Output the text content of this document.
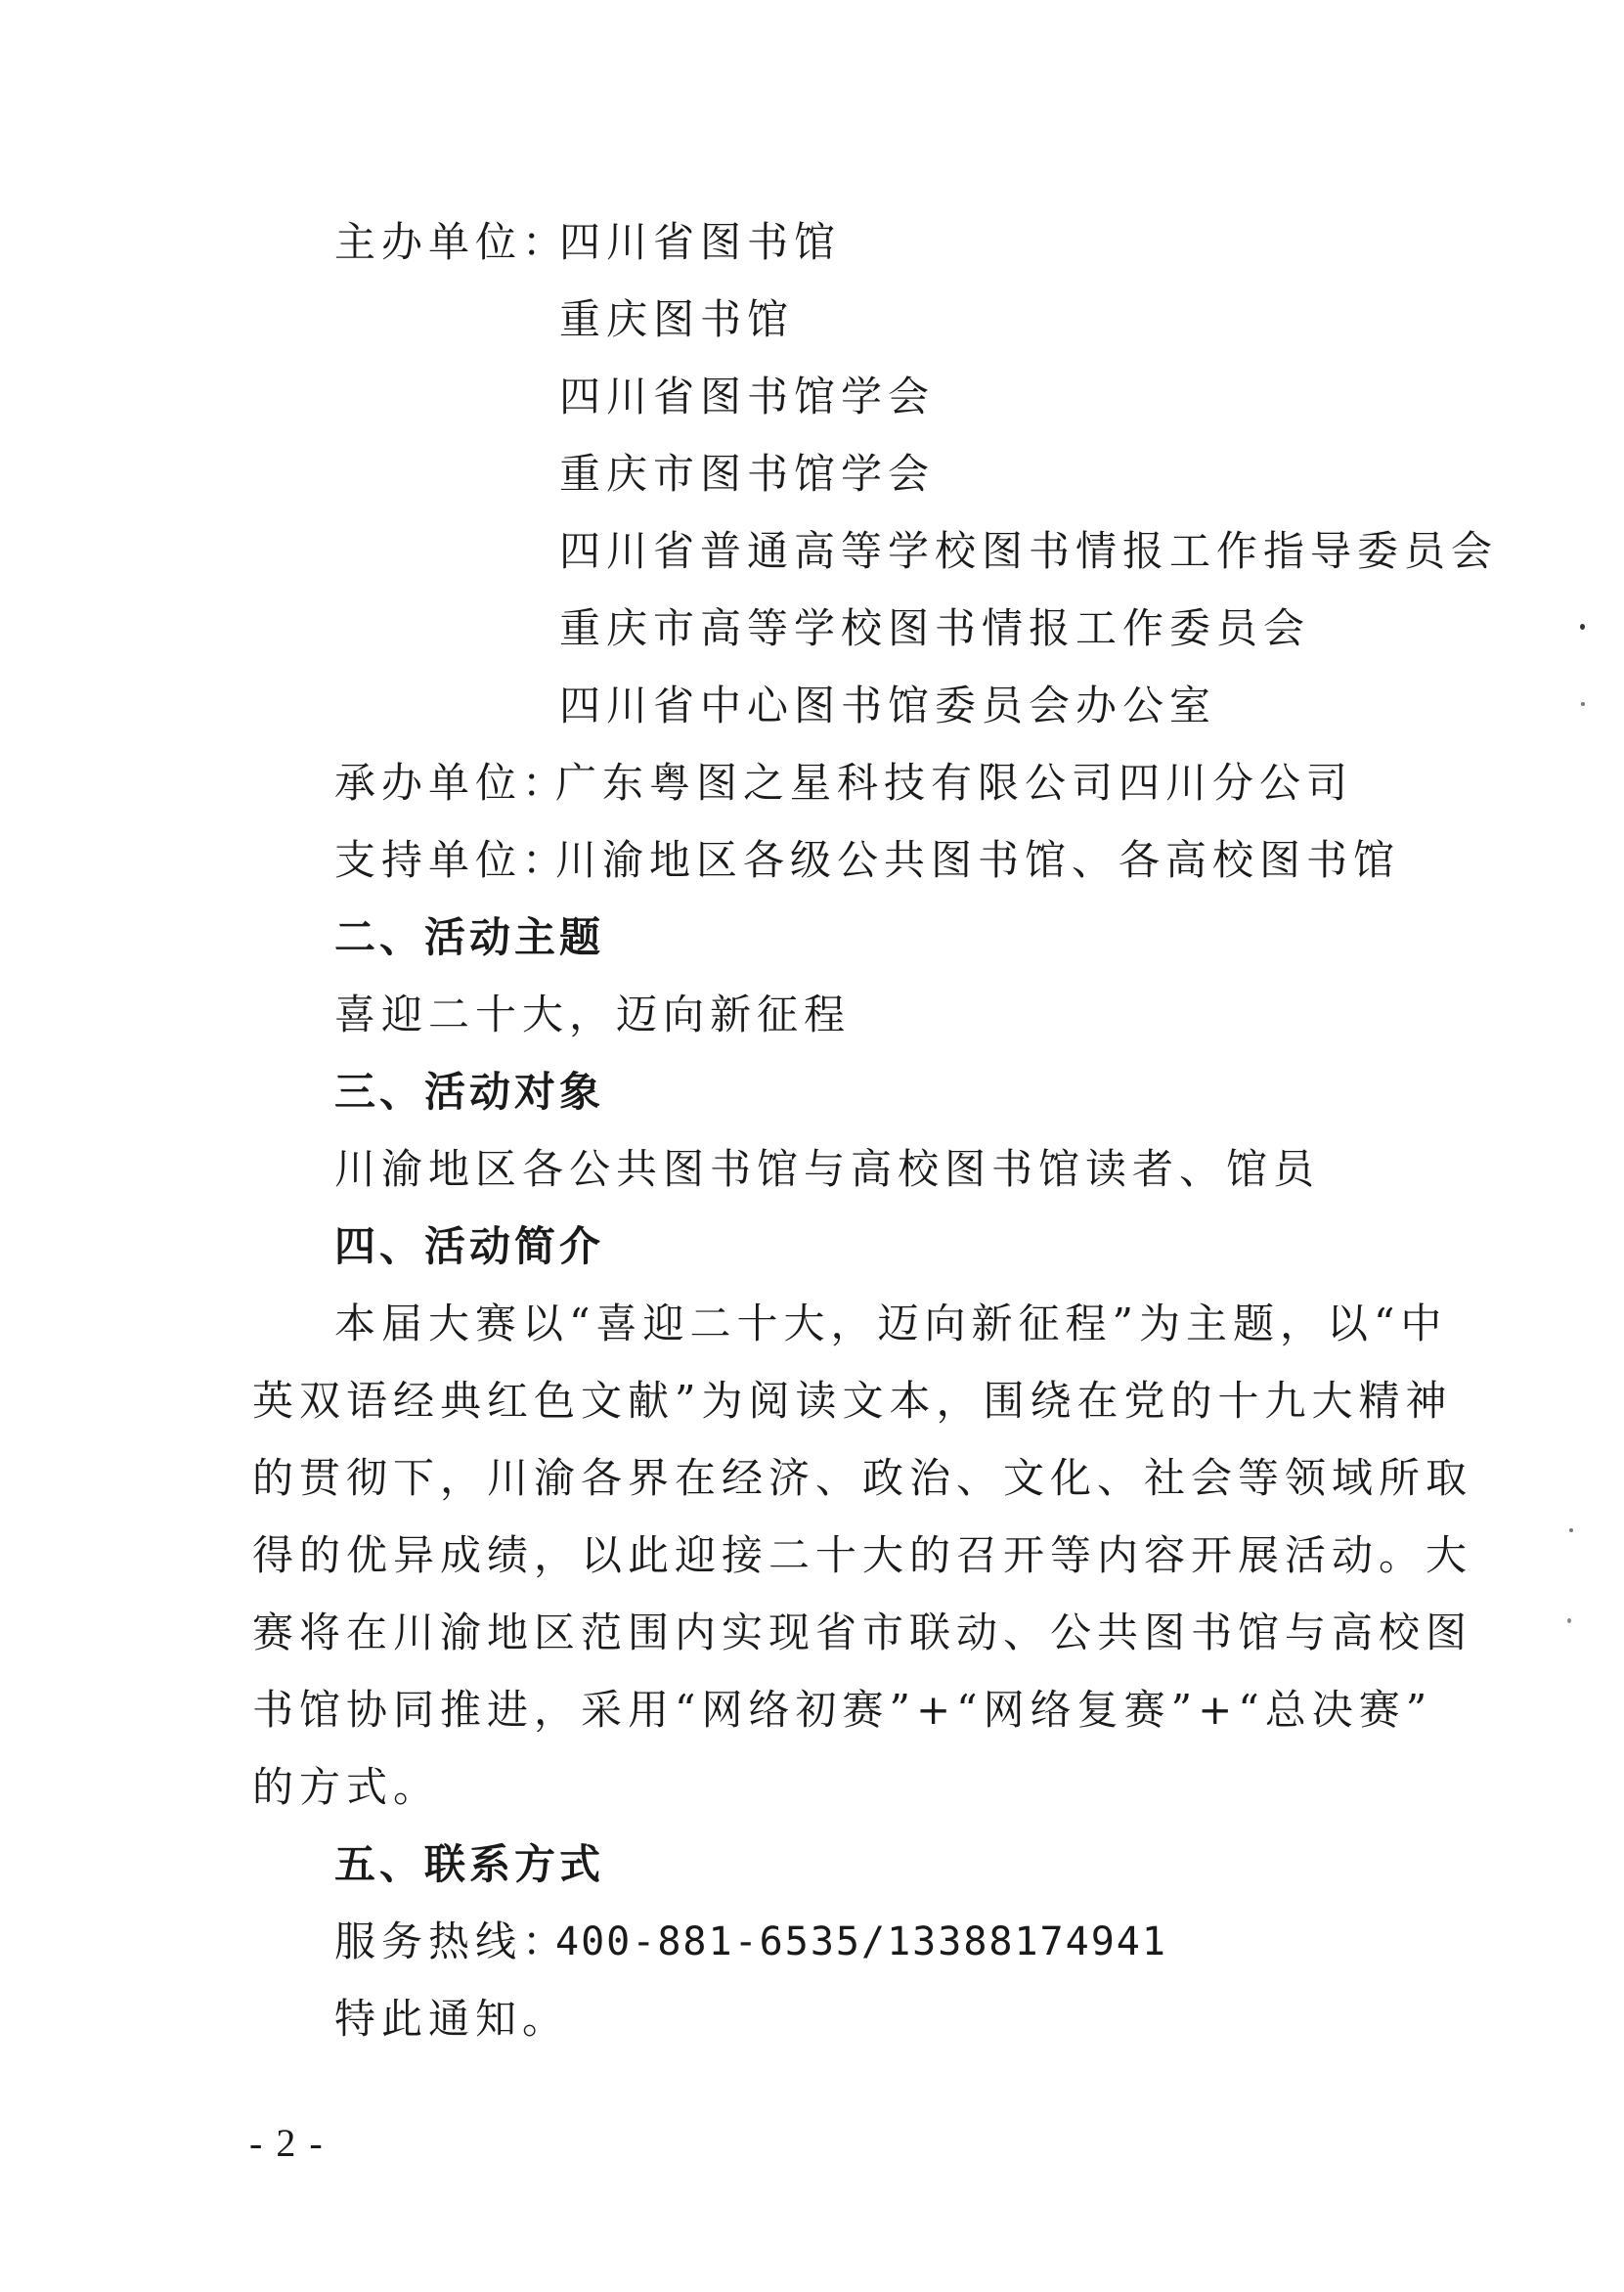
主办单位：
四川省图书馆
重庆图书馆
四川省图书馆学会
重庆市图书馆学会
四川省普通高等学校图书情报工作指导委员会
重庆市高等学校图书情报工作委员会
四川省中心图书馆委员会办公室
承办单位：
广东粤图之星科技有限公司四川分公司
支持单位：
川渝地区各级公共图书馆、各高校图书馆
二、活动主题
喜迎二十大，迈向新征程
三、活动对象
川渝地区各公共图书馆与高校图书馆读者、馆员
四、活动简介
本届大赛以“喜迎二十大，迈向新征程”为主题，以“中
英双语经典红色文献”为阅读文本，围绕在党的十九大精神
的贯彻下，川渝各界在经济、政治、文化、社会等领域所取
得的优异成绩，以此迎接二十大的召开等内容开展活动。大
赛将在川渝地区范围内实现省市联动、公共图书馆与高校图
书馆协同推进，采用“网络初赛”+“网络复赛”+“总决赛”
的方式。
五、联系方式
服务热线：
400-881-6535/13388174941
特此通知。
- 2 -
